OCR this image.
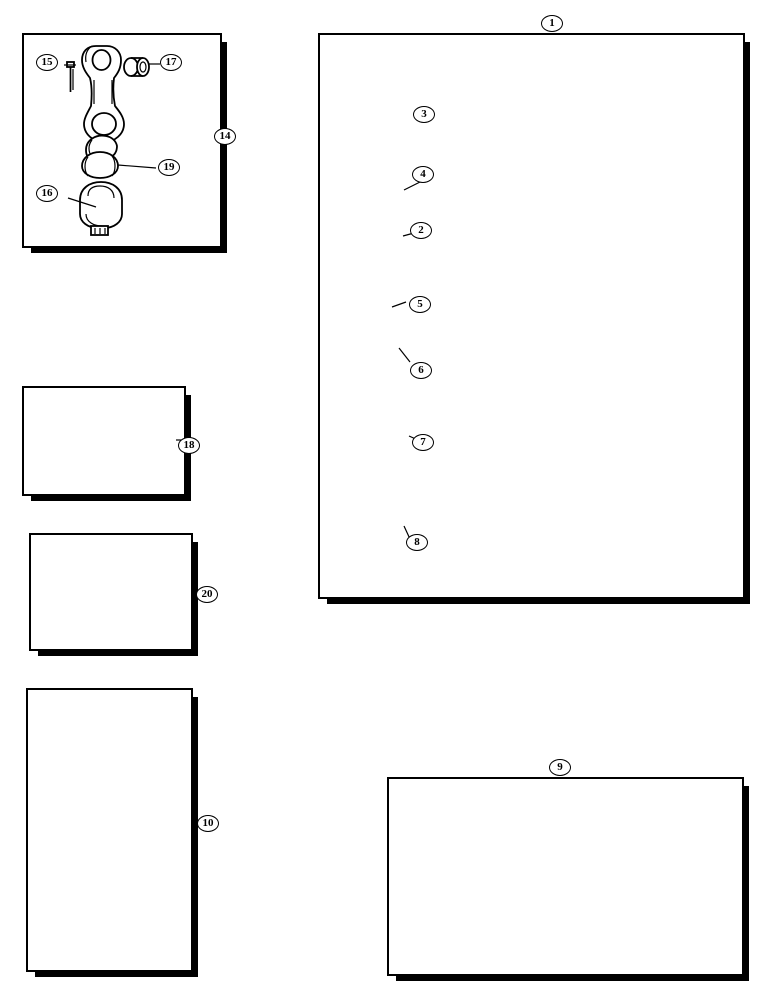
1
3
4
2
5
6
7
8
9
10
14
15
16
17
18
19
20
